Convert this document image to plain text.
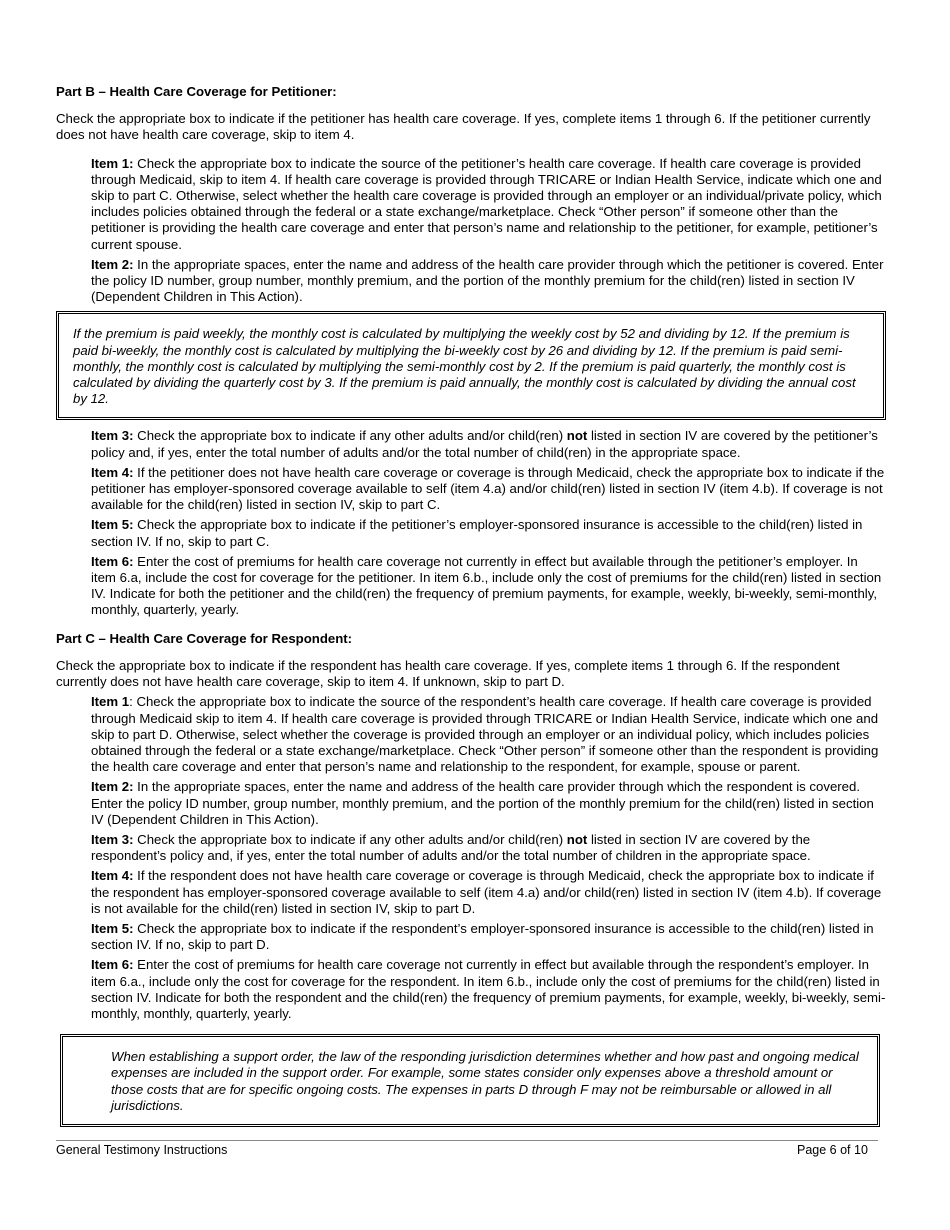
Part B – Health Care Coverage for Petitioner:
Check the appropriate box to indicate if the petitioner has health care coverage. If yes, complete items 1 through 6. If the petitioner currently does not have health care coverage, skip to item 4.
Item 1: Check the appropriate box to indicate the source of the petitioner’s health care coverage. If health care coverage is provided through Medicaid, skip to item 4. If health care coverage is provided through TRICARE or Indian Health Service, indicate which one and skip to part C. Otherwise, select whether the health care coverage is provided through an employer or an individual/private policy, which includes policies obtained through the federal or a state exchange/marketplace. Check “Other person” if someone other than the petitioner is providing the health care coverage and enter that person’s name and relationship to the petitioner, for example, petitioner’s current spouse.
Item 2: In the appropriate spaces, enter the name and address of the health care provider through which the petitioner is covered. Enter the policy ID number, group number, monthly premium, and the portion of the monthly premium for the child(ren) listed in section IV (Dependent Children in This Action).
If the premium is paid weekly, the monthly cost is calculated by multiplying the weekly cost by 52 and dividing by 12. If the premium is paid bi-weekly, the monthly cost is calculated by multiplying the bi-weekly cost by 26 and dividing by 12. If the premium is paid semi-monthly, the monthly cost is calculated by multiplying the semi-monthly cost by 2. If the premium is paid quarterly, the monthly cost is calculated by dividing the quarterly cost by 3. If the premium is paid annually, the monthly cost is calculated by dividing the annual cost by 12.
Item 3: Check the appropriate box to indicate if any other adults and/or child(ren) not listed in section IV are covered by the petitioner’s policy and, if yes, enter the total number of adults and/or the total number of child(ren) in the appropriate space.
Item 4: If the petitioner does not have health care coverage or coverage is through Medicaid, check the appropriate box to indicate if the petitioner has employer-sponsored coverage available to self (item 4.a) and/or child(ren) listed in section IV (item 4.b). If coverage is not available for the child(ren) listed in section IV, skip to part C.
Item 5: Check the appropriate box to indicate if the petitioner’s employer-sponsored insurance is accessible to the child(ren) listed in section IV. If no, skip to part C.
Item 6: Enter the cost of premiums for health care coverage not currently in effect but available through the petitioner’s employer. In item 6.a, include the cost for coverage for the petitioner. In item 6.b., include only the cost of premiums for the child(ren) listed in section IV. Indicate for both the petitioner and the child(ren) the frequency of premium payments, for example, weekly, bi-weekly, semi-monthly, monthly, quarterly, yearly.
Part C – Health Care Coverage for Respondent:
Check the appropriate box to indicate if the respondent has health care coverage. If yes, complete items 1 through 6. If the respondent currently does not have health care coverage, skip to item 4. If unknown, skip to part D.
Item 1: Check the appropriate box to indicate the source of the respondent’s health care coverage. If health care coverage is provided through Medicaid skip to item 4. If health care coverage is provided through TRICARE or Indian Health Service, indicate which one and skip to part D. Otherwise, select whether the coverage is provided through an employer or an individual policy, which includes policies obtained through the federal or a state exchange/marketplace. Check “Other person” if someone other than the respondent is providing the health care coverage and enter that person’s name and relationship to the respondent, for example, spouse or parent.
Item 2: In the appropriate spaces, enter the name and address of the health care provider through which the respondent is covered. Enter the policy ID number, group number, monthly premium, and the portion of the monthly premium for the child(ren) listed in section IV (Dependent Children in This Action).
Item 3: Check the appropriate box to indicate if any other adults and/or child(ren) not listed in section IV are covered by the respondent’s policy and, if yes, enter the total number of adults and/or the total number of children in the appropriate space.
Item 4: If the respondent does not have health care coverage or coverage is through Medicaid, check the appropriate box to indicate if the respondent has employer-sponsored coverage available to self (item 4.a) and/or child(ren) listed in section IV (item 4.b). If coverage is not available for the child(ren) listed in section IV, skip to part D.
Item 5: Check the appropriate box to indicate if the respondent’s employer-sponsored insurance is accessible to the child(ren) listed in section IV. If no, skip to part D.
Item 6: Enter the cost of premiums for health care coverage not currently in effect but available through the respondent’s employer. In item 6.a., include only the cost for coverage for the respondent. In item 6.b., include only the cost of premiums for the child(ren) listed in section IV. Indicate for both the respondent and the child(ren) the frequency of premium payments, for example, weekly, bi-weekly, semi-monthly, monthly, quarterly, yearly.
When establishing a support order, the law of the responding jurisdiction determines whether and how past and ongoing medical expenses are included in the support order. For example, some states consider only expenses above a threshold amount or those costs that are for specific ongoing costs. The expenses in parts D through F may not be reimbursable or allowed in all jurisdictions.
General Testimony Instructions	Page 6 of 10
